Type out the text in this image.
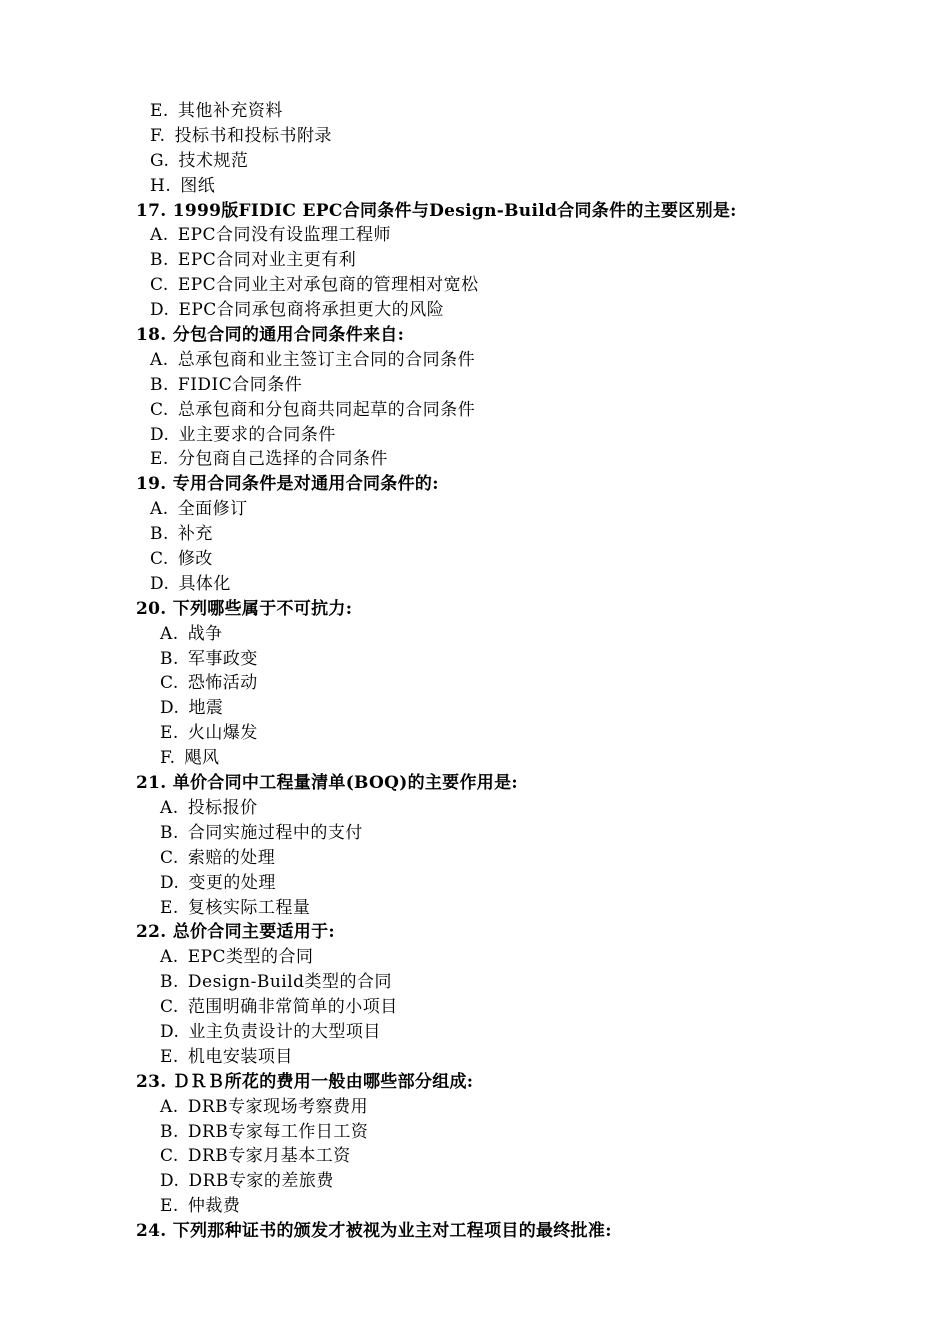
E. 其他补充资料
F. 投标书和投标书附录
G. 技术规范
H. 图纸
17. 1999版FIDIC EPC合同条件与Design-Build合同条件的主要区别是:
A. EPC合同没有设监理工程师
B. EPC合同对业主更有利
C. EPC合同业主对承包商的管理相对宽松
D. EPC合同承包商将承担更大的风险
18. 分包合同的通用合同条件来自:
A. 总承包商和业主签订主合同的合同条件
B. FIDIC合同条件
C. 总承包商和分包商共同起草的合同条件
D. 业主要求的合同条件
E. 分包商自己选择的合同条件
19. 专用合同条件是对通用合同条件的:
A. 全面修订
B. 补充
C. 修改
D. 具体化
20. 下列哪些属于不可抗力:
A. 战争
B. 军事政变
C. 恐怖活动
D. 地震
E. 火山爆发
F. 飓风
21. 单价合同中工程量清单(BOQ)的主要作用是:
A. 投标报价
B. 合同实施过程中的支付
C. 索赔的处理
D. 变更的处理
E. 复核实际工程量
22. 总价合同主要适用于:
A. EPC类型的合同
B. Design-Build类型的合同
C. 范围明确非常简单的小项目
D. 业主负责设计的大型项目
E. 机电安装项目
23. ＤＲＢ所花的费用一般由哪些部分组成:
A. DRB专家现场考察费用
B. DRB专家每工作日工资
C. DRB专家月基本工资
D. DRB专家的差旅费
E. 仲裁费
24. 下列那种证书的颁发才被视为业主对工程项目的最终批准:
